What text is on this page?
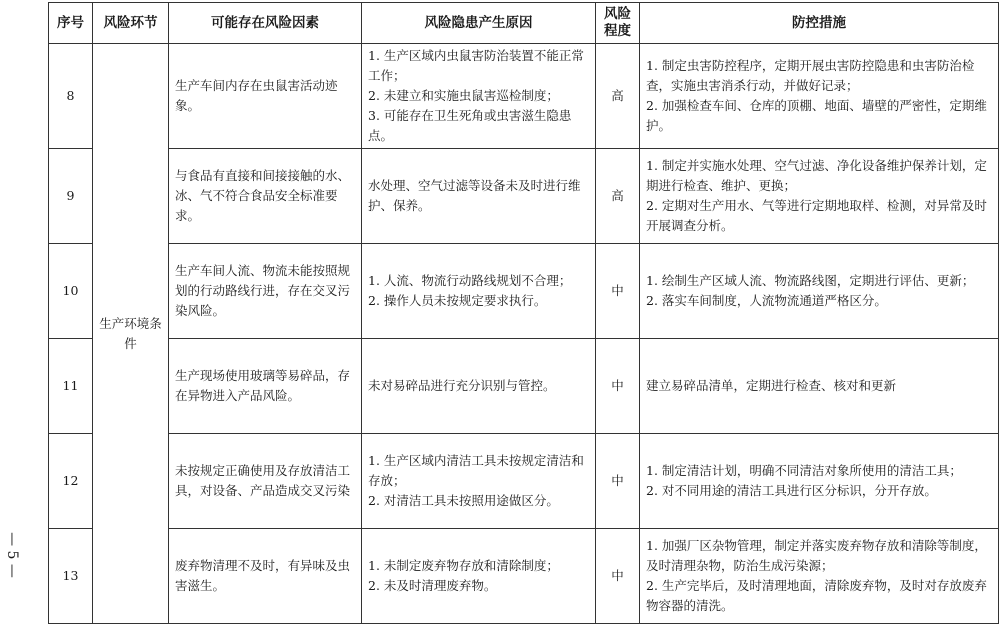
— 5 —
序号	风险环节	可能存在风险因素	风险隐患产生原因	风险程度	防控措施
8	生产环境条件	生产车间内存在虫鼠害活动迹象。	1. 生产区域内虫鼠害防治装置不能正常工作；
2. 未建立和实施虫鼠害巡检制度；
3. 可能存在卫生死角或虫害滋生隐患点。	高	1. 制定虫害防控程序，定期开展虫害防控隐患和虫害防治检查，实施虫害消杀行动，并做好记录；
2. 加强检查车间、仓库的顶棚、地面、墙壁的严密性，定期维护。

9		与食品有直接和间接接触的水、冰、气不符合食品安全标准要求。	水处理、空气过滤等设备未及时进行维护、保养。	高	1. 制定并实施水处理、空气过滤、净化设备维护保养计划，定期进行检查、维护、更换；
2. 定期对生产用水、气等进行定期地取样、检测，对异常及时开展调查分析。

10		生产车间人流、物流未能按照规划的行动路线行进，存在交叉污染风险。	1. 人流、物流行动路线规划不合理；
2. 操作人员未按规定要求执行。	中	1. 绘制生产区域人流、物流路线图，定期进行评估、更新；
2. 落实车间制度，人流物流通道严格区分。

11		生产现场使用玻璃等易碎品，存在异物进入产品风险。	未对易碎品进行充分识别与管控。	中	建立易碎品清单，定期进行检查、核对和更新

12		未按规定正确使用及存放清洁工具，对设备、产品造成交叉污染	1. 生产区域内清洁工具未按规定清洁和存放；
2. 对清洁工具未按照用途做区分。	中	1. 制定清洁计划，明确不同清洁对象所使用的清洁工具；
2. 对不同用途的清洁工具进行区分标识，分开存放。

13		废弃物清理不及时，有异味及虫害滋生。	1. 未制定废弃物存放和清除制度；
2. 未及时清理废弃物。	中	1. 加强厂区杂物管理，制定并落实废弃物存放和清除等制度，及时清理杂物，防治生成污染源；
2. 生产完毕后，及时清理地面，清除废弃物，及时对存放废弃物容器的清洗。
